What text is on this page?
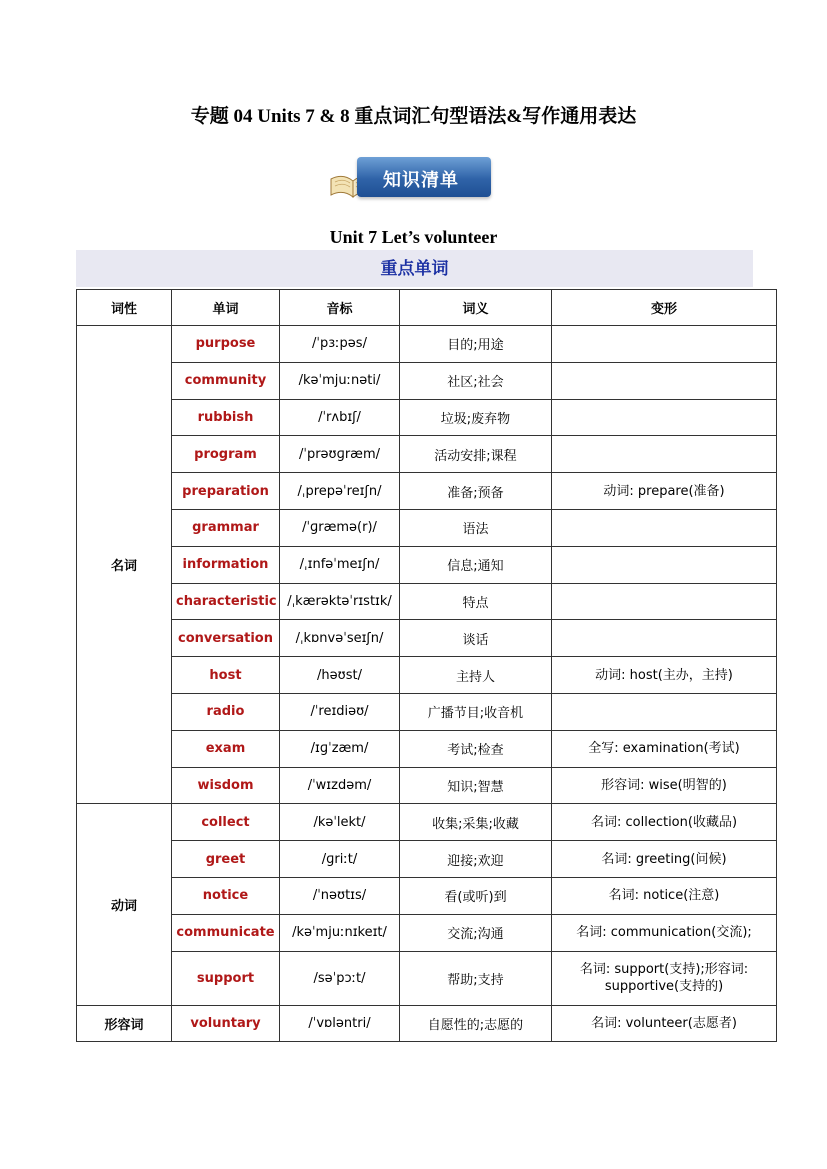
专题 04 Units 7 & 8 重点词汇句型语法&写作通用表达
知识清单
Unit 7 Let’s volunteer
重点单词
词性	单词	音标	词义	变形
名词	purpose	/ˈpɜːpəs/	目的;用途	
	community	/kəˈmjuːnəti/	社区;社会	
	rubbish	/ˈrʌbɪʃ/	垃圾;废弃物	
	program	/ˈprəʊɡræm/	活动安排;课程	
	preparation	/ˌprepəˈreɪʃn/	准备;预备	动词: prepare(准备)
	grammar	/ˈɡræmə(r)/	语法	
	information	/ˌɪnfəˈmeɪʃn/	信息;通知	
	characteristic	/ˌkærəktəˈrɪstɪk/	特点	
	conversation	/ˌkɒnvəˈseɪʃn/	谈话	
	host	/həʊst/	主持人	动词: host(主办，主持)
	radio	/ˈreɪdiəʊ/	广播节目;收音机	
	exam	/ɪɡˈzæm/	考试;检查	全写: examination(考试)
	wisdom	/ˈwɪzdəm/	知识;智慧	形容词: wise(明智的)
动词	collect	/kəˈlekt/	收集;采集;收藏	名词: collection(收藏品)
	greet	/ɡriːt/	迎接;欢迎	名词: greeting(问候)
	notice	/ˈnəʊtɪs/	看(或听)到	名词: notice(注意)
	communicate	/kəˈmjuːnɪkeɪt/	交流;沟通	名词: communication(交流);
	support	/səˈpɔːt/	帮助;支持	名词: support(支持);形容词: supportive(支持的)
形容词	voluntary	/ˈvɒləntri/	自愿性的;志愿的	名词: volunteer(志愿者)
